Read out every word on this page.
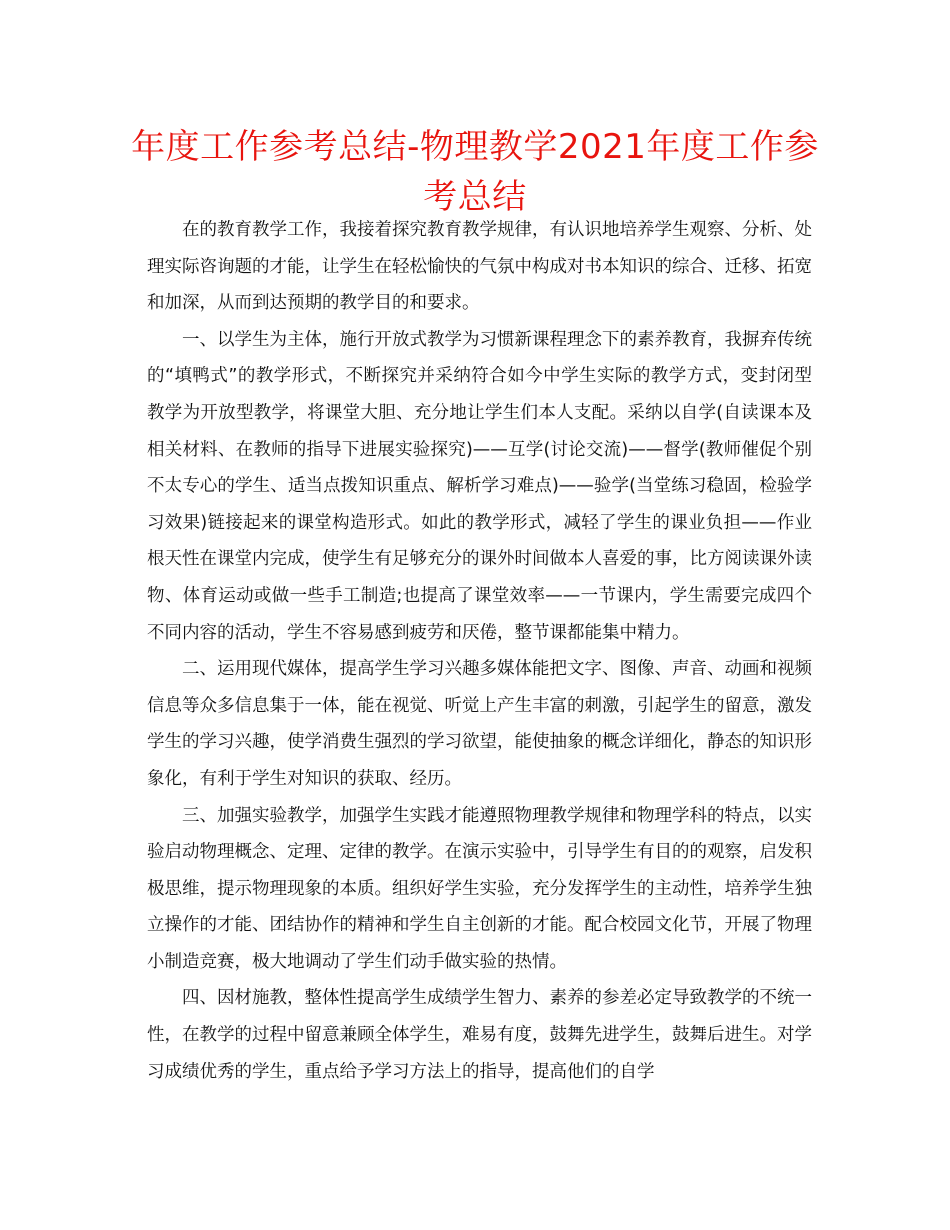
年度工作参考总结-物理教学2021年度工作参考总结

在的教育教学工作，我接着探究教育教学规律，有认识地培养学生观察、分析、处理实际咨询题的才能，让学生在轻松愉快的气氛中构成对书本知识的综合、迁移、拓宽和加深，从而到达预期的教学目的和要求。

一、以学生为主体，施行开放式教学为习惯新课程理念下的素养教育，我摒弃传统的“填鸭式”的教学形式，不断探究并采纳符合如今中学生实际的教学方式，变封闭型教学为开放型教学，将课堂大胆、充分地让学生们本人支配。采纳以自学(自读课本及相关材料、在教师的指导下进展实验探究)——互学(讨论交流)——督学(教师催促个别不太专心的学生、适当点拨知识重点、解析学习难点)——验学(当堂练习稳固，检验学习效果)链接起来的课堂构造形式。如此的教学形式，减轻了学生的课业负担——作业根天性在课堂内完成，使学生有足够充分的课外时间做本人喜爱的事，比方阅读课外读物、体育运动或做一些手工制造;也提高了课堂效率——一节课内，学生需要完成四个不同内容的活动，学生不容易感到疲劳和厌倦，整节课都能集中精力。

二、运用现代媒体，提高学生学习兴趣多媒体能把文字、图像、声音、动画和视频信息等众多信息集于一体，能在视觉、听觉上产生丰富的刺激，引起学生的留意，激发学生的学习兴趣，使学消费生强烈的学习欲望，能使抽象的概念详细化，静态的知识形象化，有利于学生对知识的获取、经历。

三、加强实验教学，加强学生实践才能遵照物理教学规律和物理学科的特点，以实验启动物理概念、定理、定律的教学。在演示实验中，引导学生有目的的观察，启发积极思维，提示物理现象的本质。组织好学生实验，充分发挥学生的主动性，培养学生独立操作的才能、团结协作的精神和学生自主创新的才能。配合校园文化节，开展了物理小制造竞赛，极大地调动了学生们动手做实验的热情。

四、因材施教，整体性提高学生成绩学生智力、素养的参差必定导致教学的不统一性，在教学的过程中留意兼顾全体学生，难易有度，鼓舞先进学生，鼓舞后进生。对学习成绩优秀的学生，重点给予学习方法上的指导，提高他们的自学
